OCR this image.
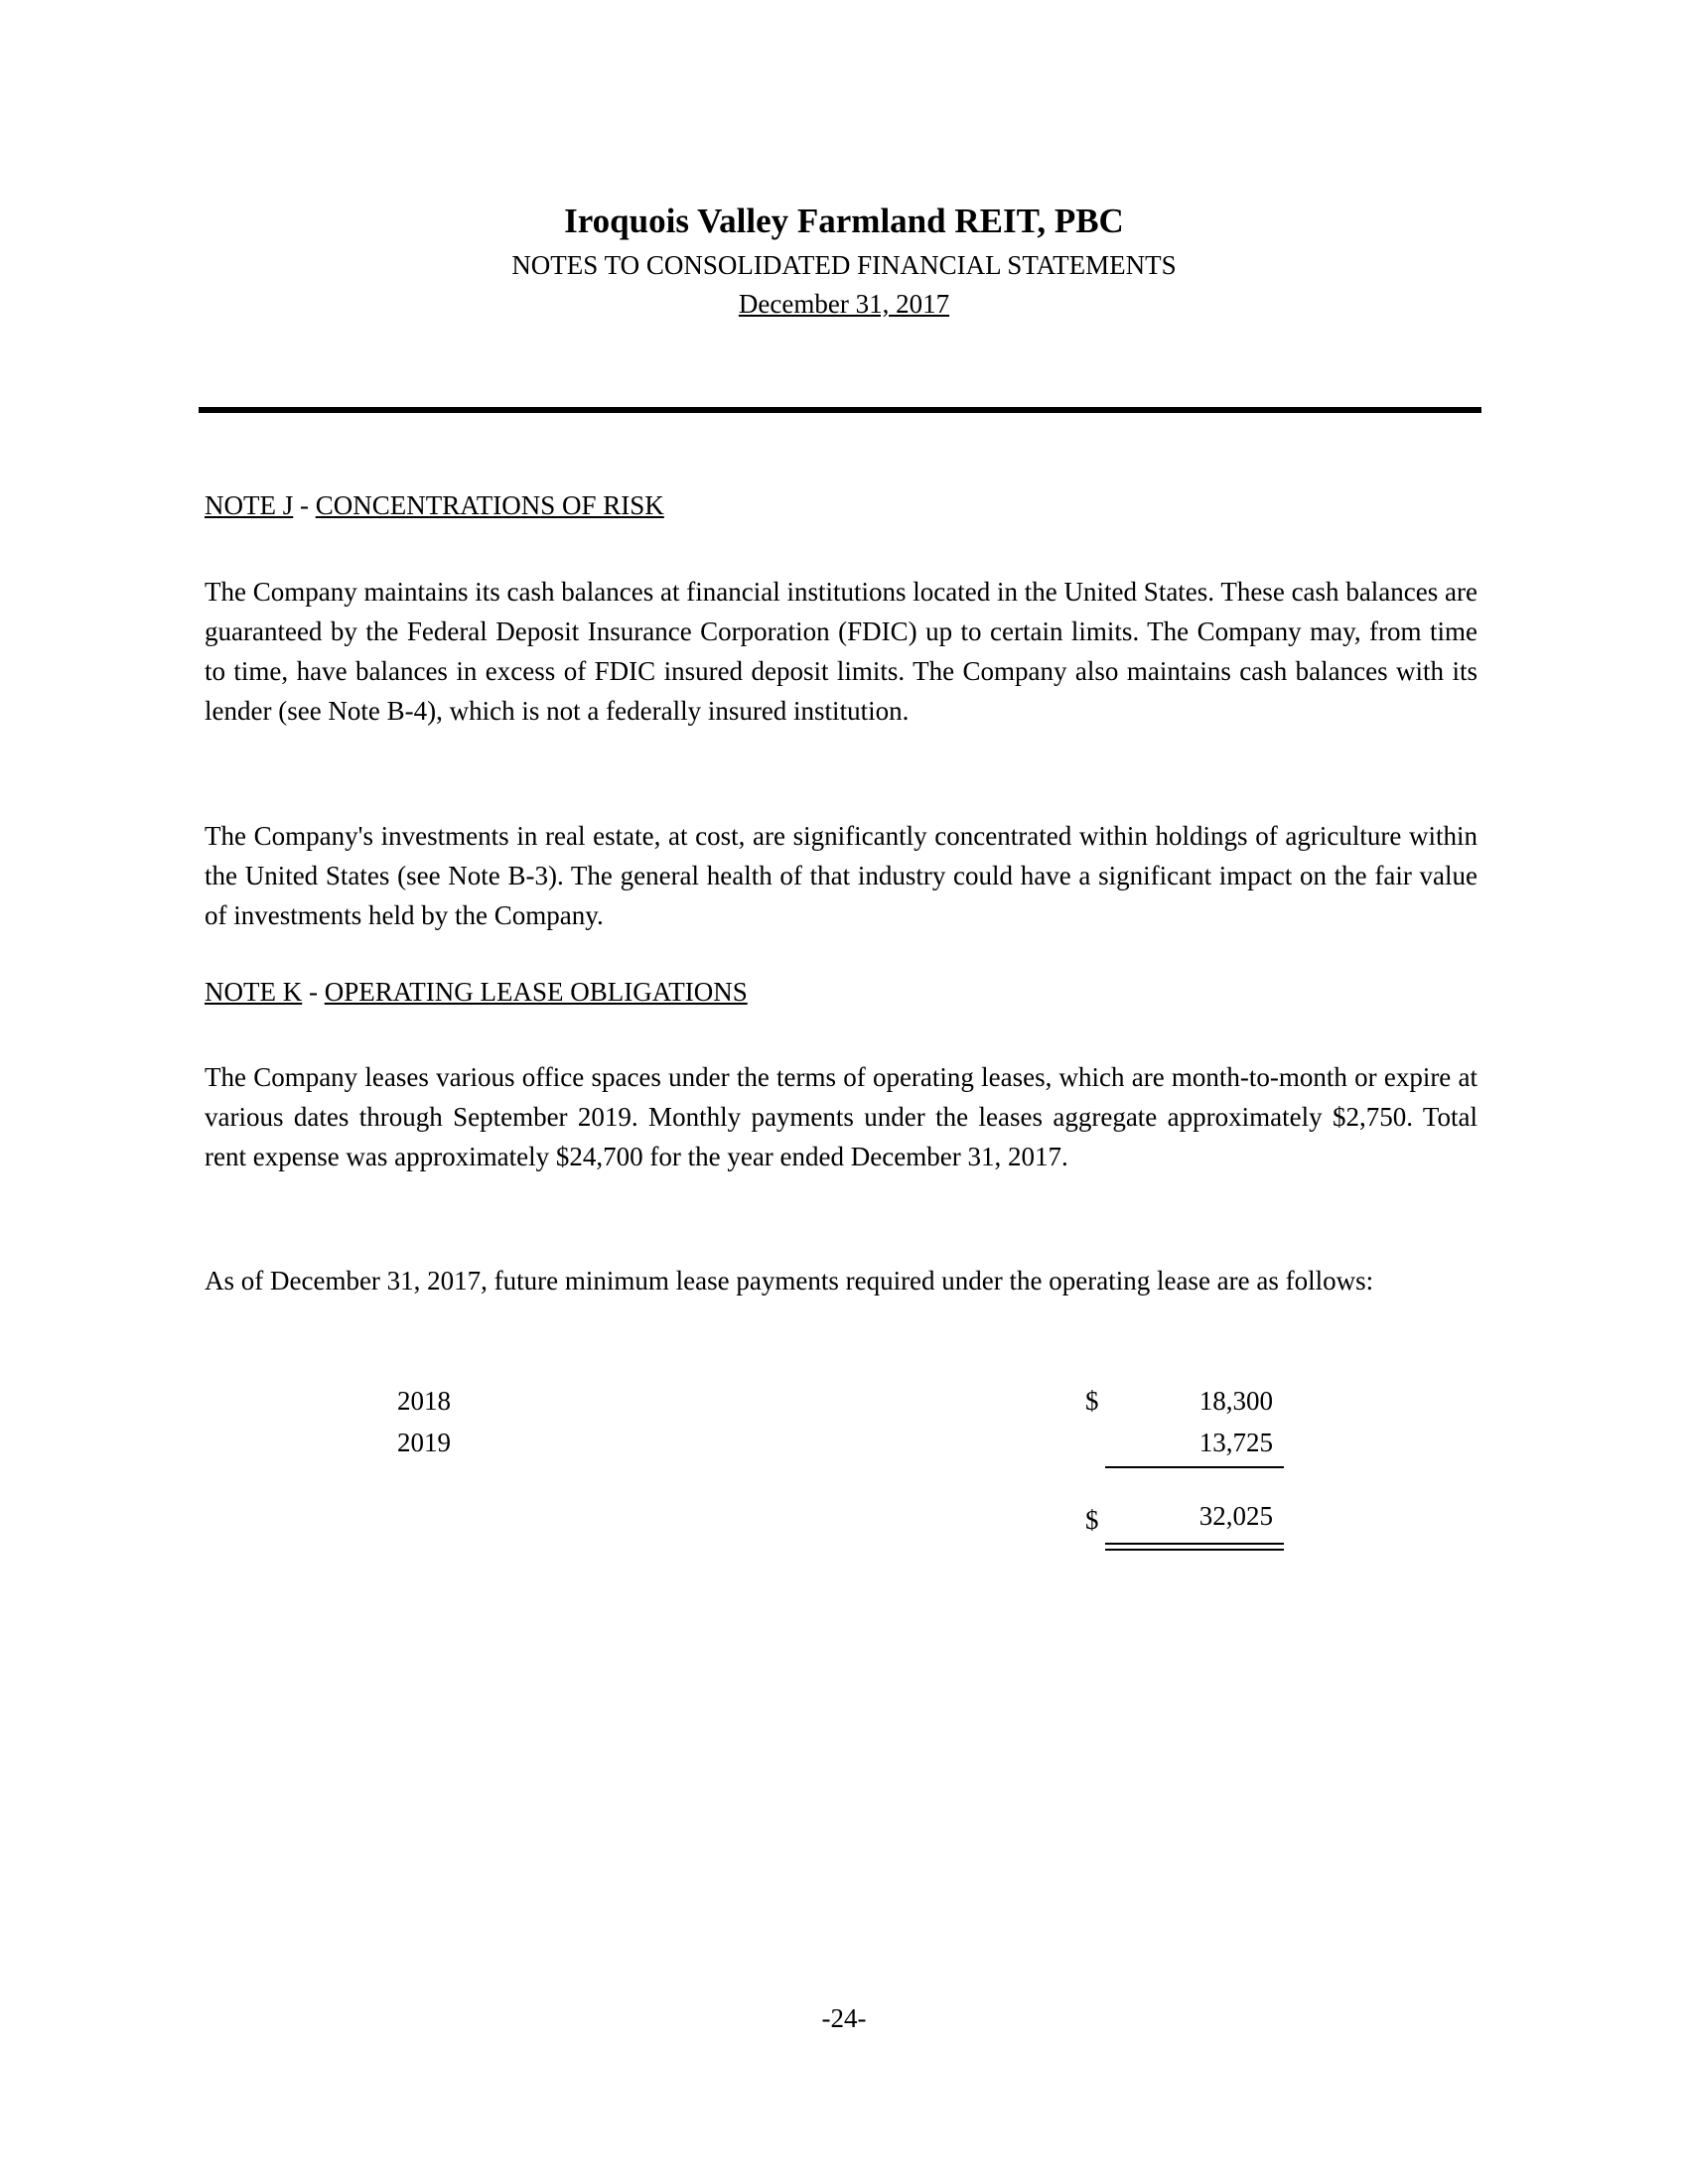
Iroquois Valley Farmland REIT, PBC
NOTES TO CONSOLIDATED FINANCIAL STATEMENTS
December 31, 2017
NOTE J - CONCENTRATIONS OF RISK

The Company maintains its cash balances at financial institutions located in the United States. These cash balances are guaranteed by the Federal Deposit Insurance Corporation (FDIC) up to certain limits. The Company may, from time to time, have balances in excess of FDIC insured deposit limits. The Company also maintains cash balances with its lender (see Note B-4), which is not a federally insured institution.

The Company's investments in real estate, at cost, are significantly concentrated within holdings of agriculture within the United States (see Note B-3). The general health of that industry could have a significant impact on the fair value of investments held by the Company.

NOTE K - OPERATING LEASE OBLIGATIONS

The Company leases various office spaces under the terms of operating leases, which are month-to-month or expire at various dates through September 2019. Monthly payments under the leases aggregate approximately $2,750. Total rent expense was approximately $24,700 for the year ended December 31, 2017.

As of December 31, 2017, future minimum lease payments required under the operating lease are as follows:

2018	$	18,300
2019	13,725
$	32,025
-24-
